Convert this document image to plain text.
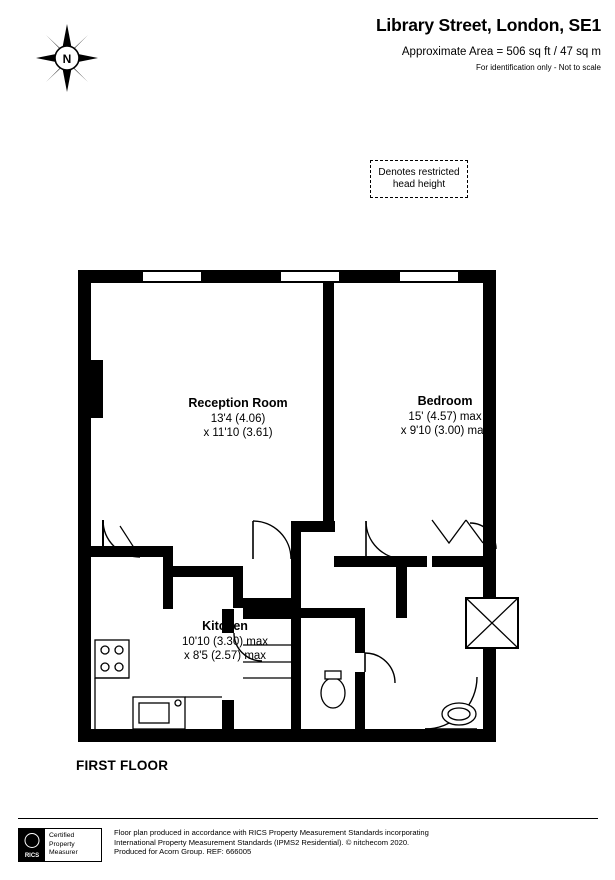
Library Street, London, SE1
Approximate Area = 506 sq ft / 47 sq m
For identification only - Not to scale
N
Denotes restricted
head height
Reception Room
13'4 (4.06)
x 11'10 (3.61)
Bedroom
15' (4.57) max
x 9'10 (3.00) max
Kitchen
10'10 (3.30) max
x 8'5 (2.57) max
FIRST FLOOR
RICS
Certified
Property
Measurer
Floor plan produced in accordance with RICS Property Measurement Standards incorporating
International Property Measurement Standards (IPMS2 Residential). © nitchecom 2020.
Produced for Acorn Group. REF: 666005
